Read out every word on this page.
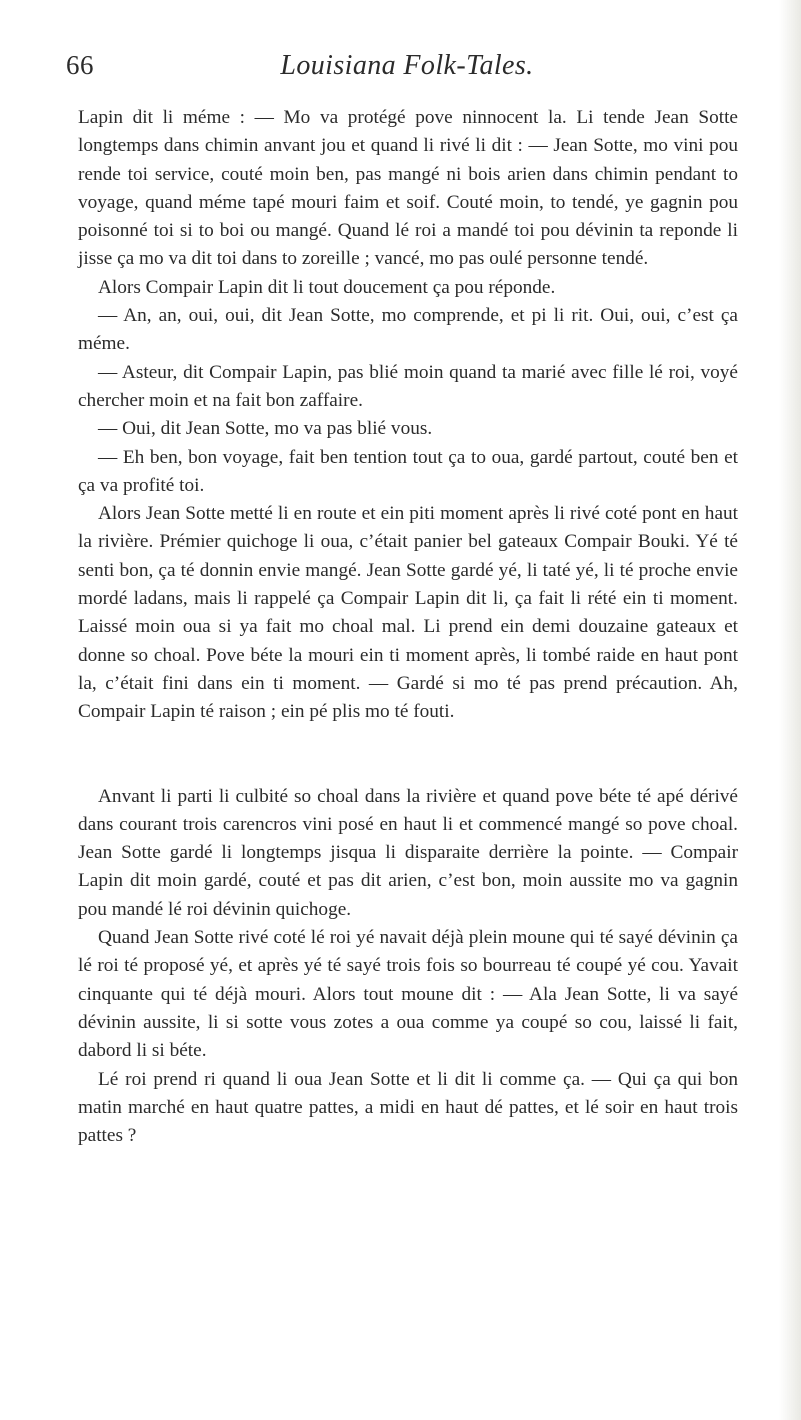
66	Louisiana Folk-Tales.

Lapin dit li méme : — Mo va protégé pove ninnocent la. Li tende Jean Sotte longtemps dans chimin anvant jou et quand li rivé li dit : — Jean Sotte, mo vini pou rende toi service, couté moin ben, pas mangé ni bois arien dans chimin pendant to voyage, quand méme tapé mouri faim et soif. Couté moin, to tendé, ye gagnin pou poisonné toi si to boi ou mangé. Quand lé roi a mandé toi pou dévinin ta reponde li jisse ça mo va dit toi dans to zoreille ; vancé, mo pas oulé personne tendé.

Alors Compair Lapin dit li tout doucement ça pou réponde.

— An, an, oui, oui, dit Jean Sotte, mo comprende, et pi li rit. Oui, oui, c’est ça méme.

— Asteur, dit Compair Lapin, pas blié moin quand ta marié avec fille lé roi, voyé chercher moin et na fait bon zaffaire.

— Oui, dit Jean Sotte, mo va pas blié vous.

— Eh ben, bon voyage, fait ben tention tout ça to oua, gardé partout, couté ben et ça va profité toi.

Alors Jean Sotte metté li en route et ein piti moment après li rivé coté pont en haut la rivière. Prémier quichoge li oua, c’était panier bel gateaux Compair Bouki. Yé té senti bon, ça té donnin envie mangé. Jean Sotte gardé yé, li taté yé, li té proche envie mordé ladans, mais li rappelé ça Compair Lapin dit li, ça fait li rété ein ti moment. Laissé moin oua si ya fait mo choal mal. Li prend ein demi douzaine gateaux et donne so choal. Pove béte la mouri ein ti moment après, li tombé raide en haut pont la, c’était fini dans ein ti moment. — Gardé si mo té pas prend précaution. Ah, Compair Lapin té raison ; ein pé plis mo té fouti.

Anvant li parti li culbité so choal dans la rivière et quand pove béte té apé dérivé dans courant trois carencros vini posé en haut li et commencé mangé so pove choal. Jean Sotte gardé li longtemps jisqua li disparaite derrière la pointe. — Compair Lapin dit moin gardé, couté et pas dit arien, c’est bon, moin aussite mo va gagnin pou mandé lé roi dévinin quichoge.

Quand Jean Sotte rivé coté lé roi yé navait déjà plein moune qui té sayé dévinin ça lé roi té proposé yé, et après yé té sayé trois fois so bourreau té coupé yé cou. Yavait cinquante qui té déjà mouri. Alors tout moune dit : — Ala Jean Sotte, li va sayé dévinin aussite, li si sotte vous zotes a oua comme ya coupé so cou, laissé li fait, dabord li si béte.

Lé roi prend ri quand li oua Jean Sotte et li dit li comme ça. — Qui ça qui bon matin marché en haut quatre pattes, a midi en haut dé pattes, et lé soir en haut trois pattes ?
